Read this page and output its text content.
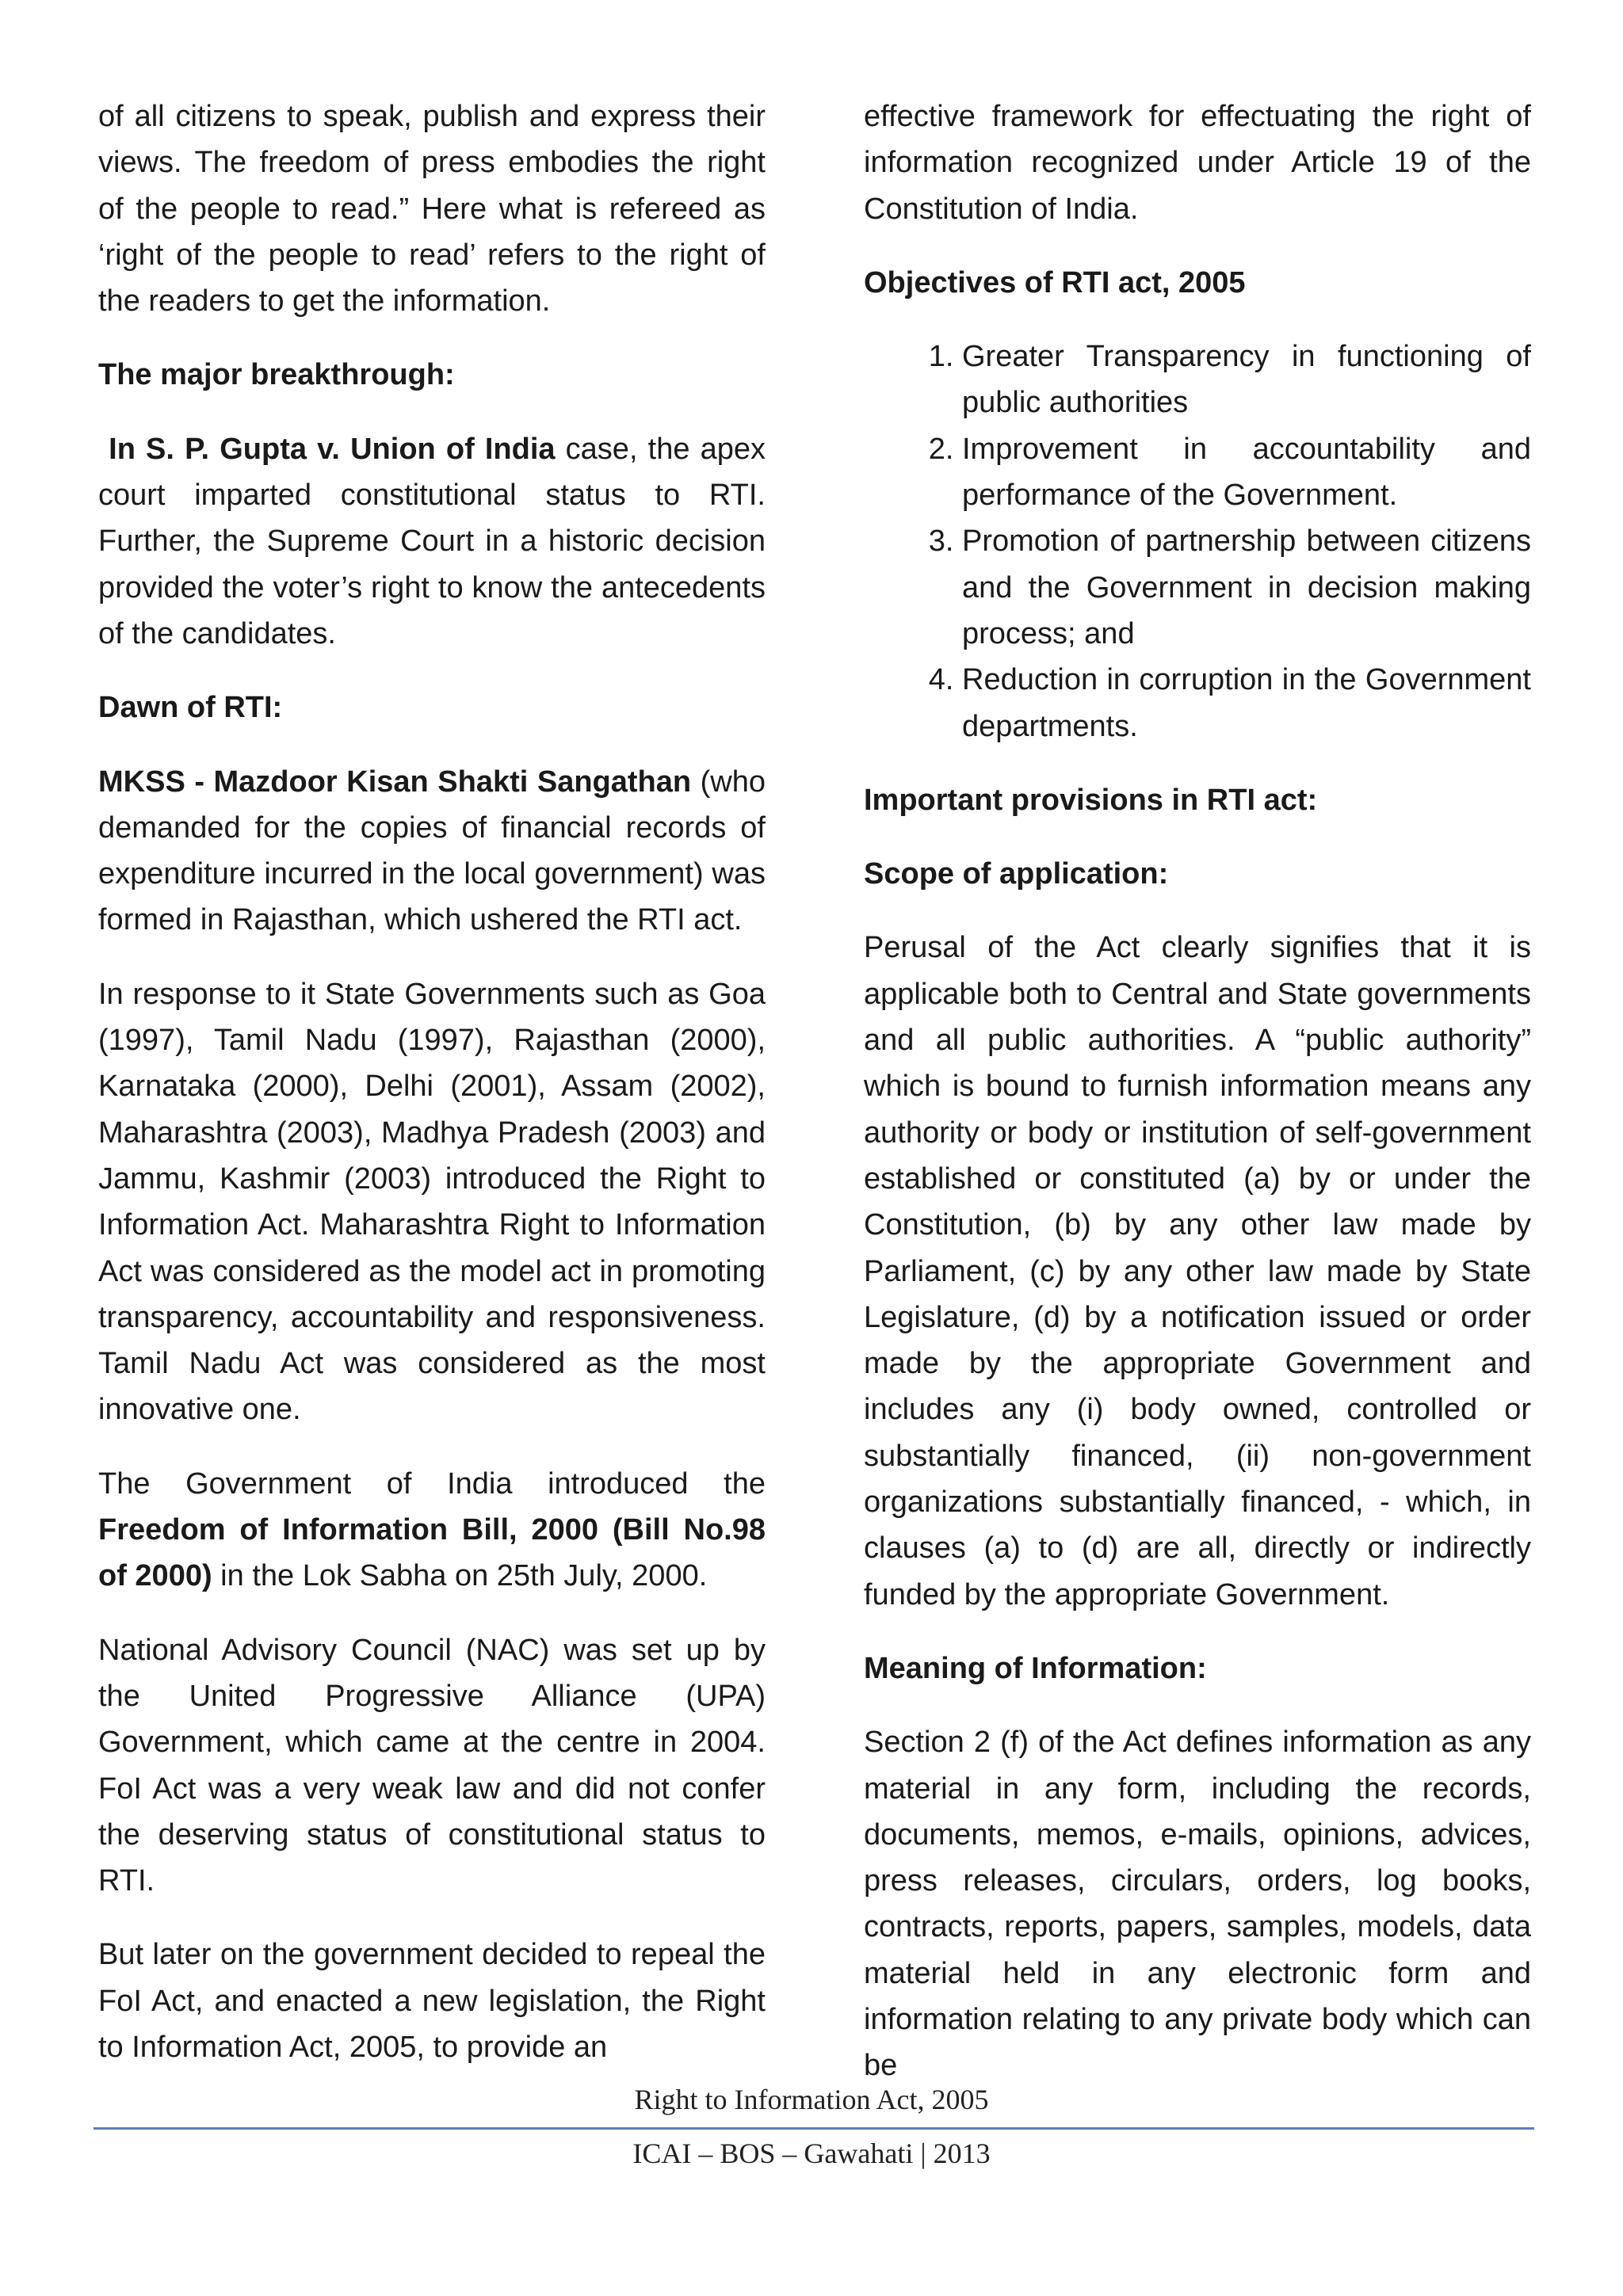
of all citizens to speak, publish and express their views. The freedom of press embodies the right of the people to read.” Here what is refereed as ‘right of the people to read’ refers to the right of the readers to get the information.

The major breakthrough:

In S. P. Gupta v. Union of India case, the apex court imparted constitutional status to RTI. Further, the Supreme Court in a historic decision provided the voter’s right to know the antecedents of the candidates.

Dawn of RTI:

MKSS - Mazdoor Kisan Shakti Sangathan (who demanded for the copies of financial records of expenditure incurred in the local government) was formed in Rajasthan, which ushered the RTI act.

In response to it State Governments such as Goa (1997), Tamil Nadu (1997), Rajasthan (2000), Karnataka (2000), Delhi (2001), Assam (2002), Maharashtra (2003), Madhya Pradesh (2003) and Jammu, Kashmir (2003) introduced the Right to Information Act. Maharashtra Right to Information Act was considered as the model act in promoting transparency, accountability and responsiveness. Tamil Nadu Act was considered as the most innovative one.

The Government of India introduced the Freedom of Information Bill, 2000 (Bill No.98 of 2000) in the Lok Sabha on 25th July, 2000.

National Advisory Council (NAC) was set up by the United Progressive Alliance (UPA) Government, which came at the centre in 2004. FoI Act was a very weak law and did not confer the deserving status of constitutional status to RTI.

But later on the government decided to repeal the FoI Act, and enacted a new legislation, the Right to Information Act, 2005, to provide an

effective framework for effectuating the right of information recognized under Article 19 of the Constitution of India.

Objectives of RTI act, 2005
1. Greater Transparency in functioning of public authorities
2. Improvement in accountability and performance of the Government.
3. Promotion of partnership between citizens and the Government in decision making process; and
4. Reduction in corruption in the Government departments.
Important provisions in RTI act:
Scope of application:

Perusal of the Act clearly signifies that it is applicable both to Central and State governments and all public authorities. A “public authority” which is bound to furnish information means any authority or body or institution of self-government established or constituted (a) by or under the Constitution, (b) by any other law made by Parliament, (c) by any other law made by State Legislature, (d) by a notification issued or order made by the appropriate Government and includes any (i) body owned, controlled or substantially financed, (ii) non-government organizations substantially financed, - which, in clauses (a) to (d) are all, directly or indirectly funded by the appropriate Government.

Meaning of Information:

Section 2 (f) of the Act defines information as any material in any form, including the records, documents, memos, e-mails, opinions, advices, press releases, circulars, orders, log books, contracts, reports, papers, samples, models, data material held in any electronic form and information relating to any private body which can be

Right to Information Act, 2005
ICAI – BOS – Gawahati | 2013
